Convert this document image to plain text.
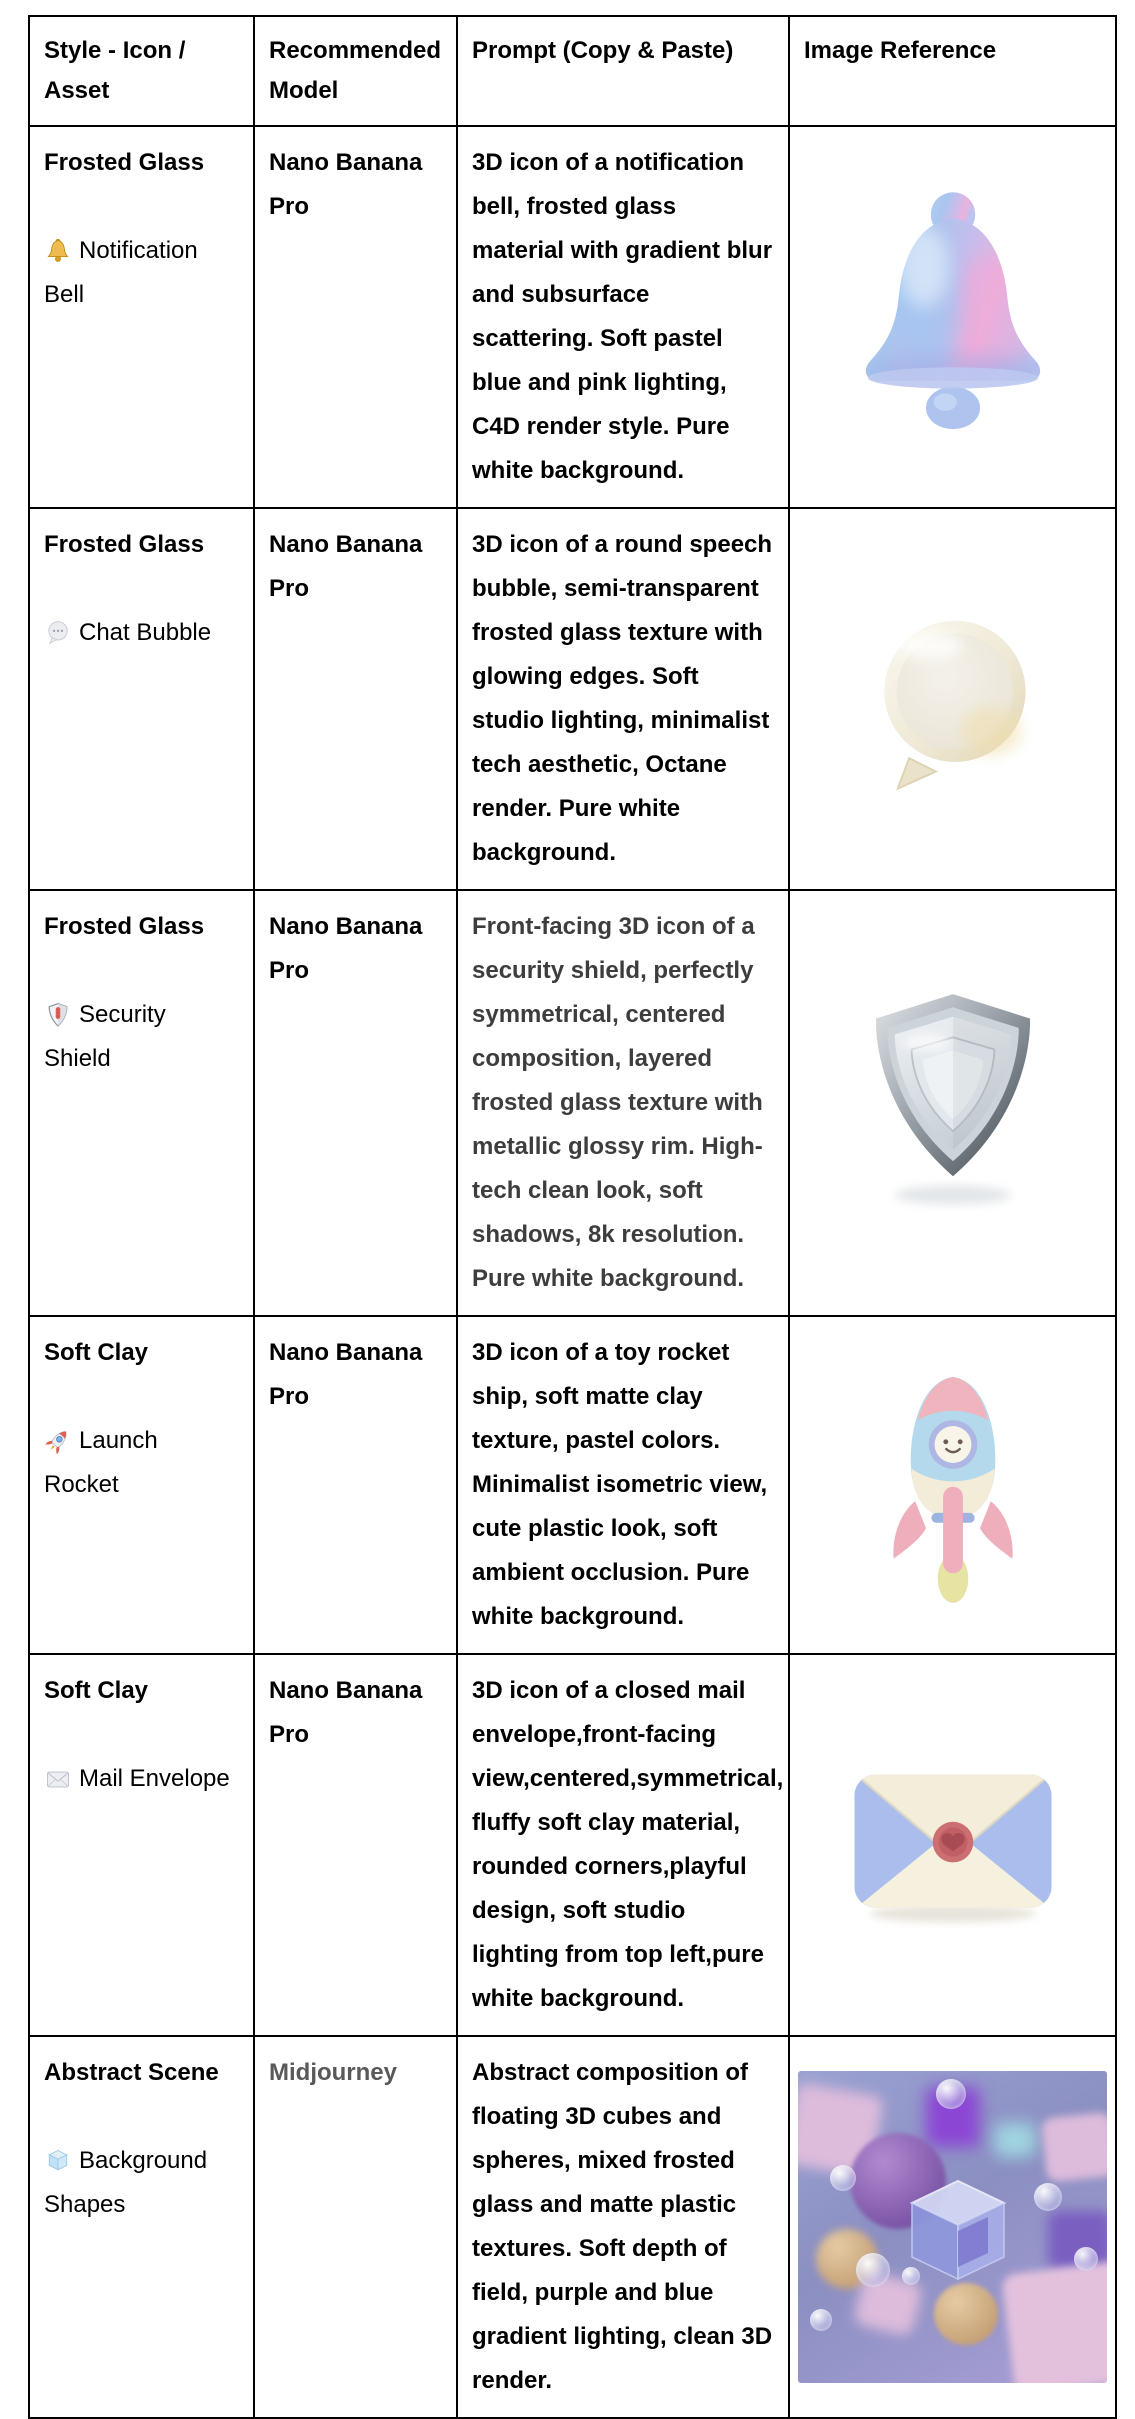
Style - Icon / Asset	Recommended Model	Prompt (Copy & Paste)	Image Reference

Frosted Glass
Notification Bell	Nano Banana Pro	3D icon of a notification bell, frosted glass material with gradient blur and subsurface scattering. Soft pastel blue and pink lighting, C4D render style. Pure white background.

Frosted Glass
Chat Bubble	Nano Banana Pro	3D icon of a round speech bubble, semi-transparent frosted glass texture with glowing edges. Soft studio lighting, minimalist tech aesthetic, Octane render. Pure white background.

Frosted Glass
Security Shield	Nano Banana Pro	Front-facing 3D icon of a security shield, perfectly symmetrical, centered composition, layered frosted glass texture with metallic glossy rim. High-tech clean look, soft shadows, 8k resolution. Pure white background.

Soft Clay
Launch Rocket	Nano Banana Pro	3D icon of a toy rocket ship, soft matte clay texture, pastel colors. Minimalist isometric view, cute plastic look, soft ambient occlusion. Pure white background.

Soft Clay
Mail Envelope	Nano Banana Pro	3D icon of a closed mail envelope,front-facing view,centered,symmetrical, fluffy soft clay material, rounded corners,playful design, soft studio lighting from top left,pure white background.

Abstract Scene
Background Shapes	Midjourney	Abstract composition of floating 3D cubes and spheres, mixed frosted glass and matte plastic textures. Soft depth of field, purple and blue gradient lighting, clean 3D render.
